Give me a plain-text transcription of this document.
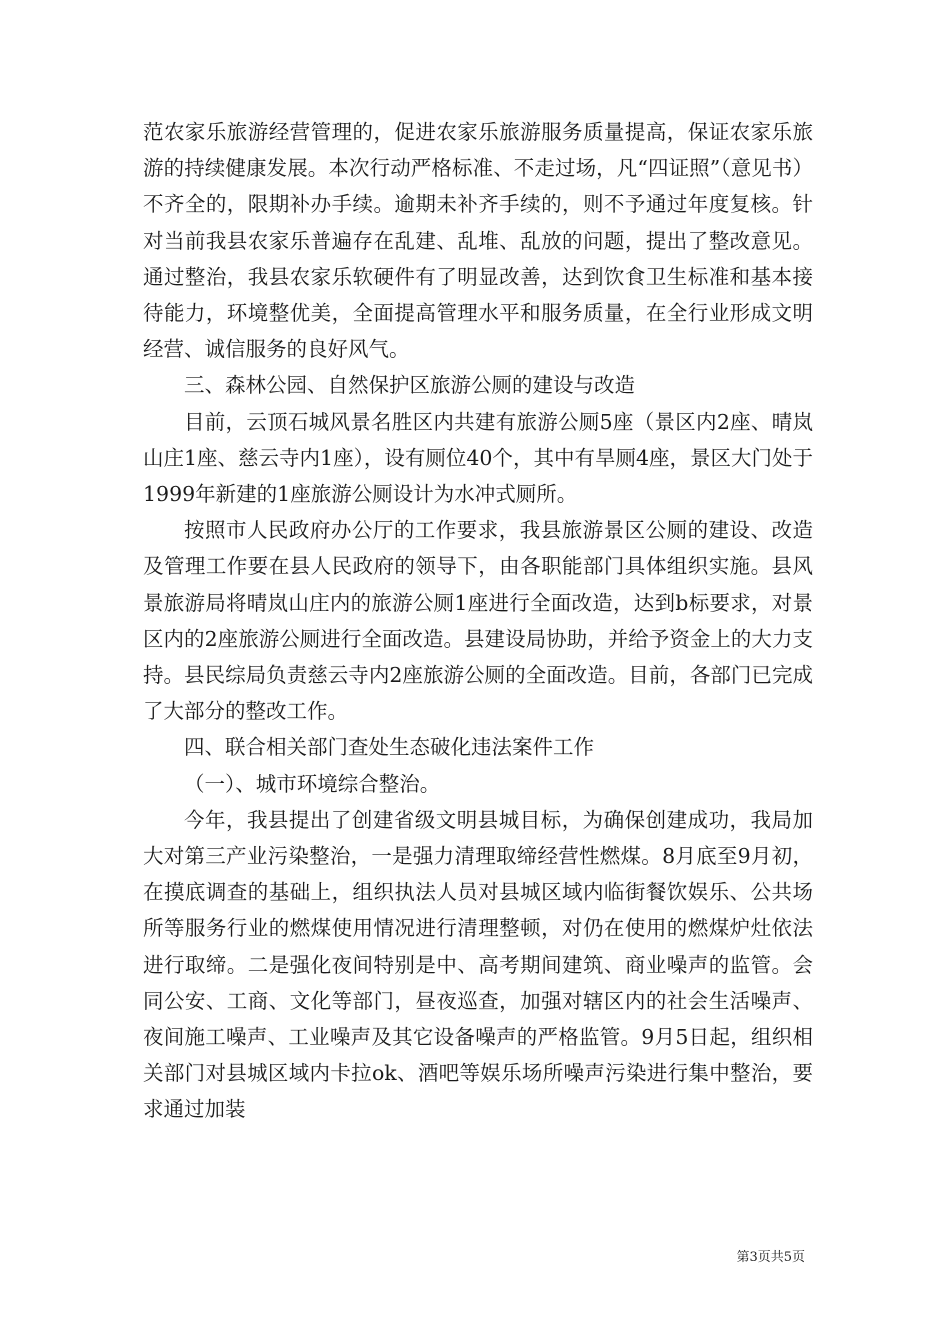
范农家乐旅游经营管理的，促进农家乐旅游服务质量提高，保证农家乐旅游的持续健康发展。本次行动严格标准、不走过场，凡“四证照”（意见书）不齐全的，限期补办手续。逾期未补齐手续的，则不予通过年度复核。针对当前我县农家乐普遍存在乱建、乱堆、乱放的问题，提出了整改意见。通过整治，我县农家乐软硬件有了明显改善，达到饮食卫生标准和基本接待能力，环境整优美，全面提高管理水平和服务质量，在全行业形成文明经营、诚信服务的良好风气。

三、森林公园、自然保护区旅游公厕的建设与改造

目前，云顶石城风景名胜区内共建有旅游公厕5座（景区内2座、晴岚山庄1座、慈云寺内1座），设有厕位40个，其中有旱厕4座，景区大门处于1999年新建的1座旅游公厕设计为水冲式厕所。

按照市人民政府办公厅的工作要求，我县旅游景区公厕的建设、改造及管理工作要在县人民政府的领导下，由各职能部门具体组织实施。县风景旅游局将晴岚山庄内的旅游公厕1座进行全面改造，达到b标要求，对景区内的2座旅游公厕进行全面改造。县建设局协助，并给予资金上的大力支持。县民综局负责慈云寺内2座旅游公厕的全面改造。目前，各部门已完成了大部分的整改工作。

四、联合相关部门查处生态破化违法案件工作

（一）、城市环境综合整治。

今年，我县提出了创建省级文明县城目标，为确保创建成功，我局加大对第三产业污染整治，一是强力清理取缔经营性燃煤。8月底至9月初，在摸底调查的基础上，组织执法人员对县城区域内临街餐饮娱乐、公共场所等服务行业的燃煤使用情况进行清理整顿，对仍在使用的燃煤炉灶依法进行取缔。二是强化夜间特别是中、高考期间建筑、商业噪声的监管。会同公安、工商、文化等部门，昼夜巡查，加强对辖区内的社会生活噪声、夜间施工噪声、工业噪声及其它设备噪声的严格监管。9月5日起，组织相关部门对县城区域内卡拉ok、酒吧等娱乐场所噪声污染进行集中整治，要求通过加装

第3页共5页
